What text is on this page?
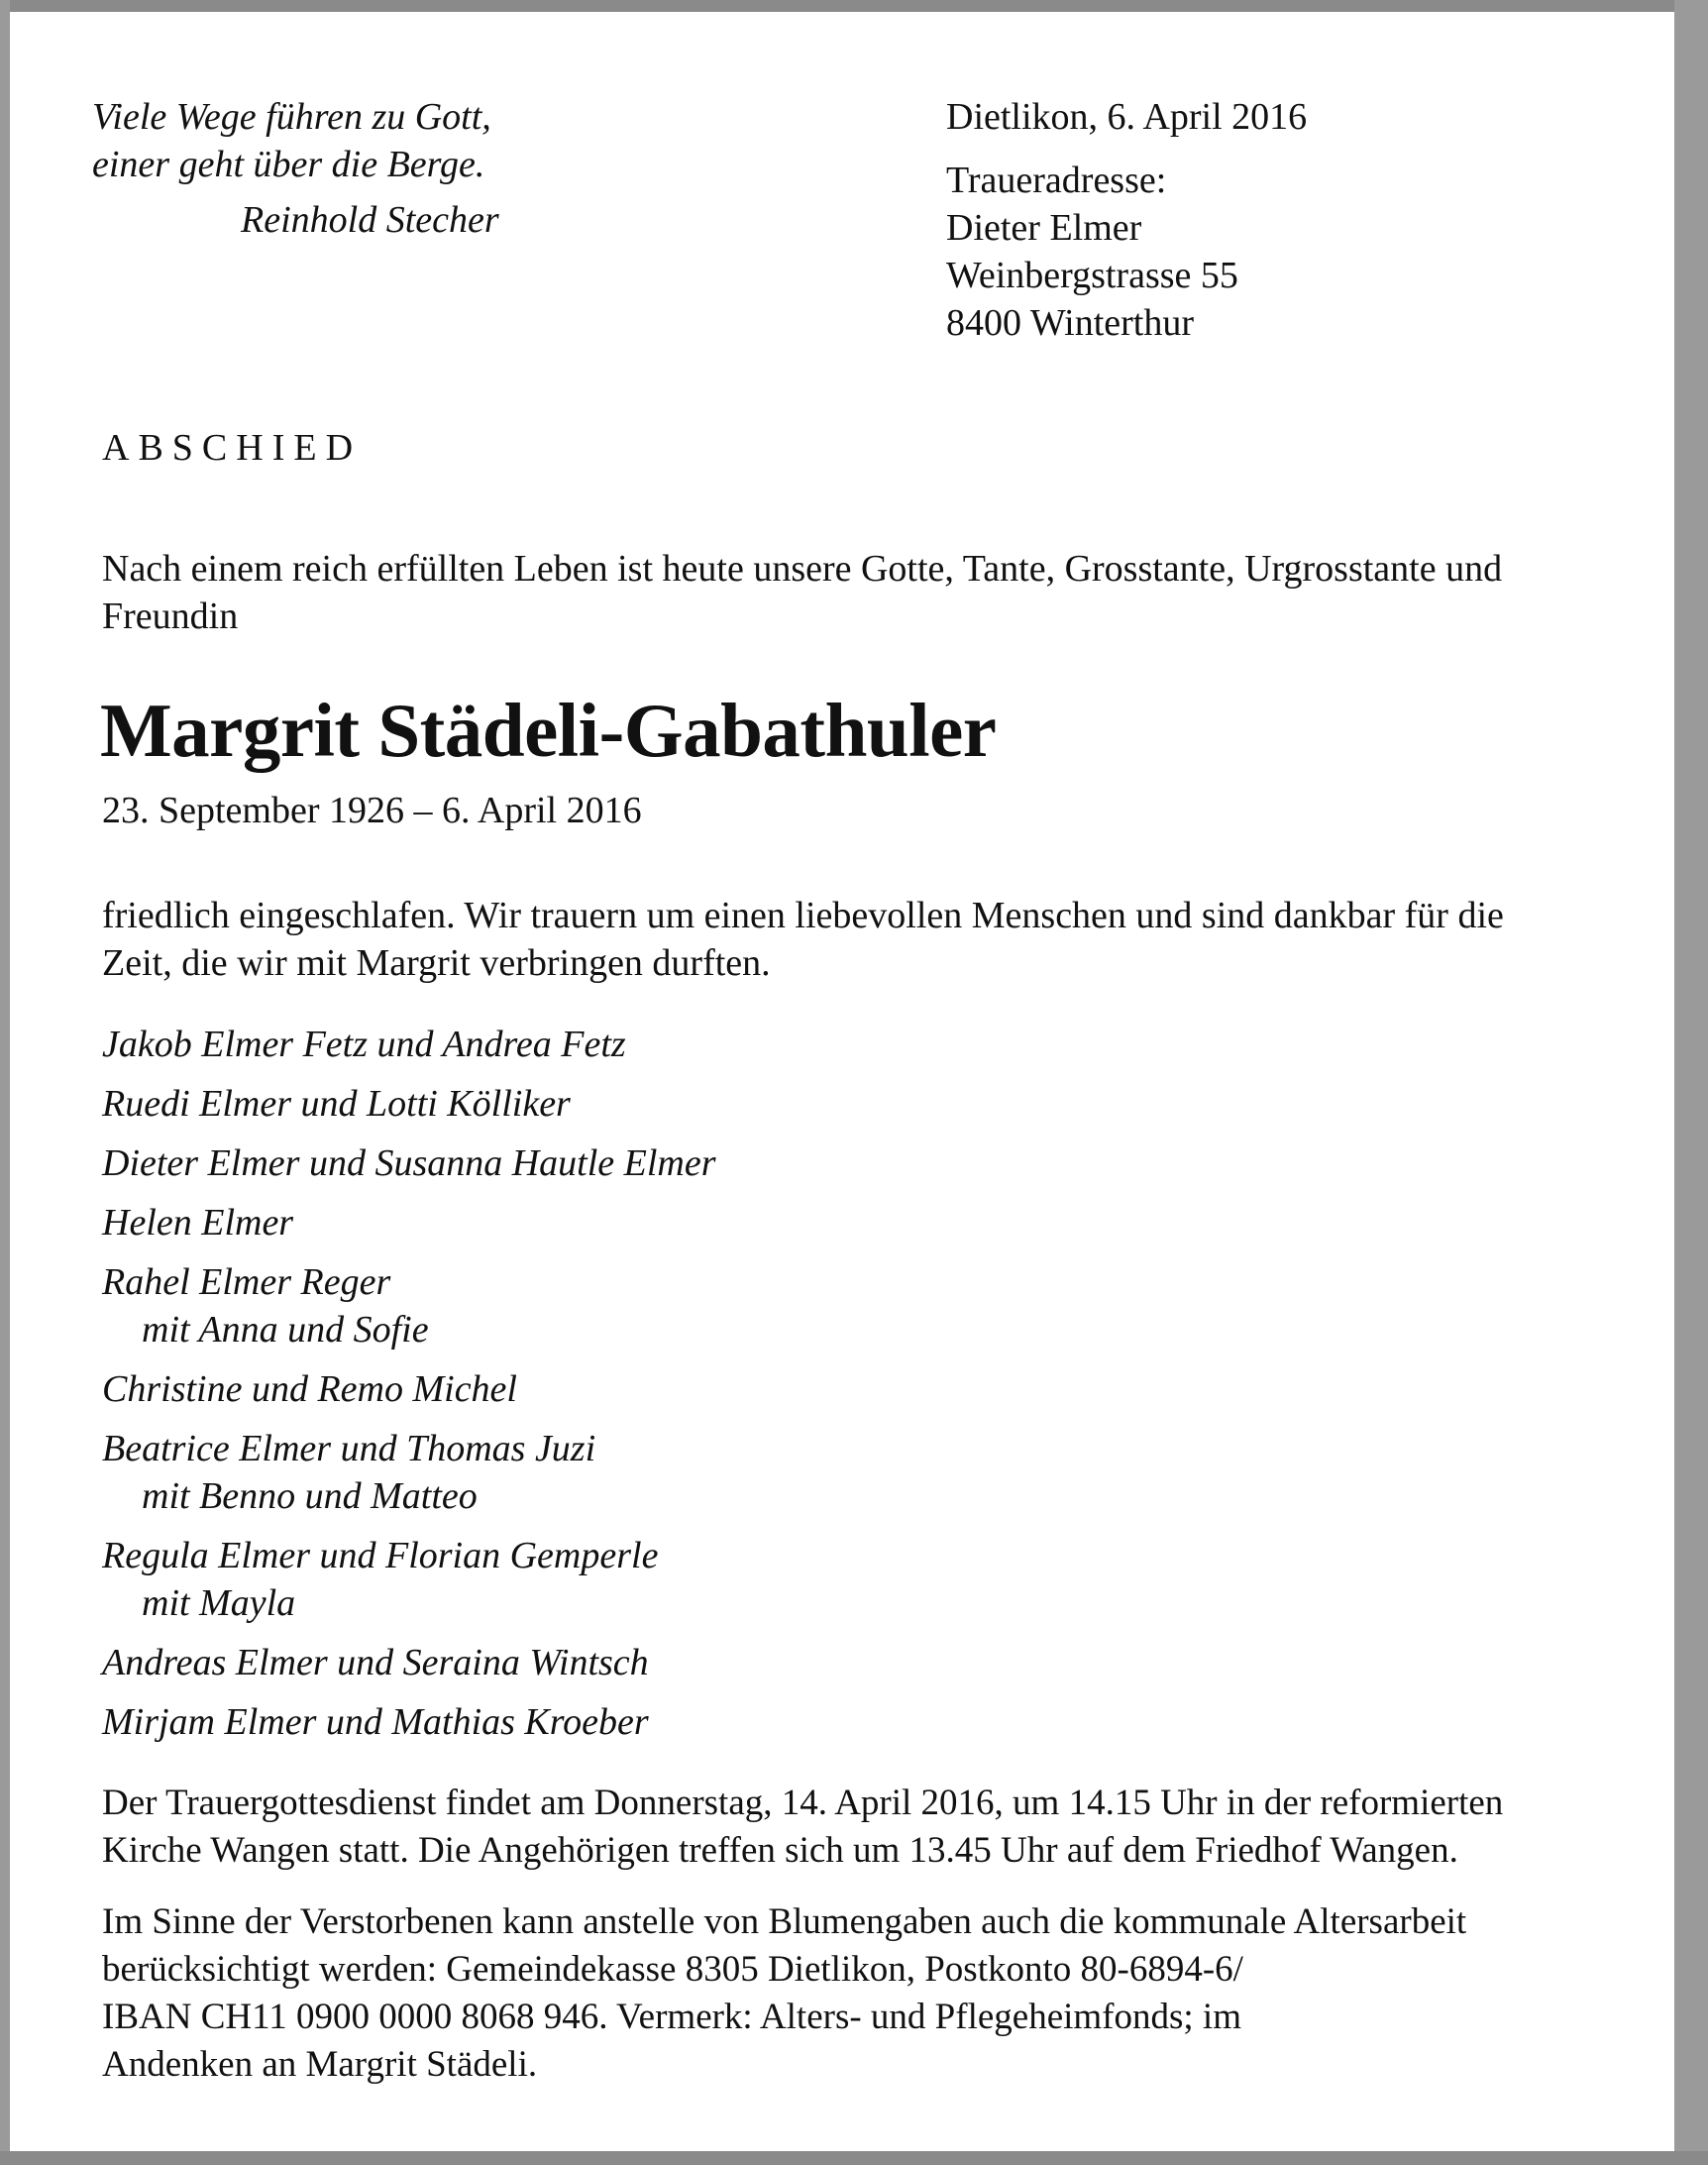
Viele Wege führen zu Gott,
einer geht über die Berge.
Reinhold Stecher
Dietlikon, 6. April 2016
Traueradresse:
Dieter Elmer
Weinbergstrasse 55
8400 Winterthur
ABSCHIED
Nach einem reich erfüllten Leben ist heute unsere Gotte, Tante, Grosstante, Urgrosstante und
Freundin
Margrit Städeli-Gabathuler
23. September 1926 – 6. April 2016
friedlich eingeschlafen. Wir trauern um einen liebevollen Menschen und sind dankbar für die
Zeit, die wir mit Margrit verbringen durften.
Jakob Elmer Fetz und Andrea Fetz
Ruedi Elmer und Lotti Kölliker
Dieter Elmer und Susanna Hautle Elmer
Helen Elmer
Rahel Elmer Reger
mit Anna und Sofie
Christine und Remo Michel
Beatrice Elmer und Thomas Juzi
mit Benno und Matteo
Regula Elmer und Florian Gemperle
mit Mayla
Andreas Elmer und Seraina Wintsch
Mirjam Elmer und Mathias Kroeber
Der Trauergottesdienst findet am Donnerstag, 14. April 2016, um 14.15 Uhr in der reformierten
Kirche Wangen statt. Die Angehörigen treffen sich um 13.45 Uhr auf dem Friedhof Wangen.
Im Sinne der Verstorbenen kann anstelle von Blumengaben auch die kommunale Altersarbeit
berücksichtigt werden: Gemeindekasse 8305 Dietlikon, Postkonto 80-6894-6/
IBAN CH11 0900 0000 8068 946. Vermerk: Alters- und Pflegeheimfonds; im
Andenken an Margrit Städeli.
